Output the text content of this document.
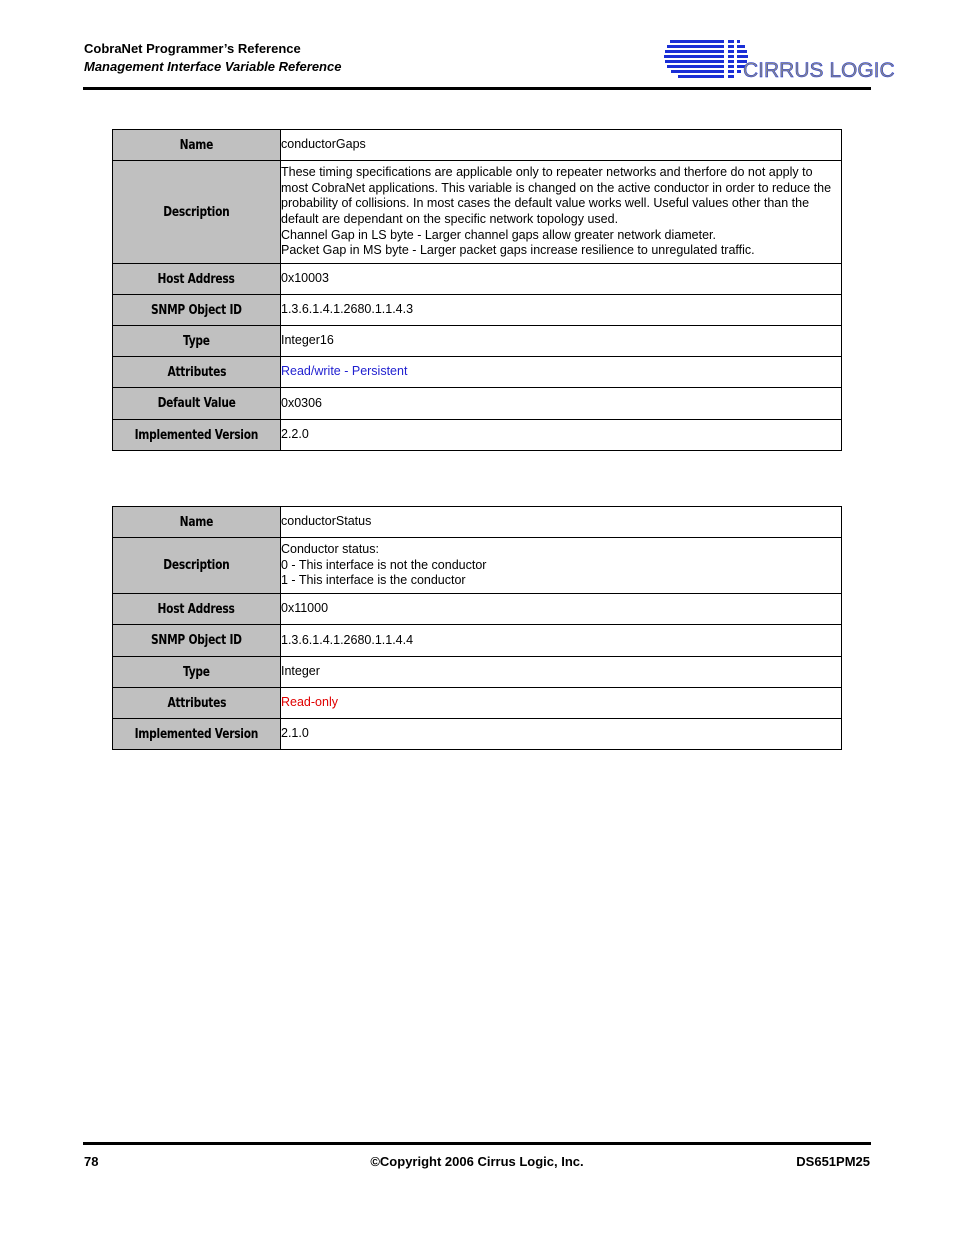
CobraNet Programmer’s Reference
Management Interface Variable Reference	CIRRUS LOGIC
Name	conductorGaps
Description	These timing specifications are applicable only to repeater networks and therfore do not apply to most CobraNet applications. This variable is changed on the active conductor in order to reduce the probability of collisions. In most cases the default value works well. Useful values other than the default are dependant on the specific network topology used.
Channel Gap in LS byte - Larger channel gaps allow greater network diameter.
Packet Gap in MS byte - Larger packet gaps increase resilience to unregulated traffic.

Host Address	0x10003
SNMP Object ID	1.3.6.1.4.1.2680.1.1.4.3
Type	Integer16
Attributes	Read/write - Persistent
Default Value	0x0306
Implemented Version	2.2.0
Name	conductorStatus
Description	Conductor status:
0 - This interface is not the conductor
1 - This interface is the conductor

Host Address	0x11000
SNMP Object ID	1.3.6.1.4.1.2680.1.1.4.4
Type	Integer
Attributes	Read-only
Implemented Version	2.1.0
78	©Copyright 2006 Cirrus Logic, Inc.	DS651PM25
